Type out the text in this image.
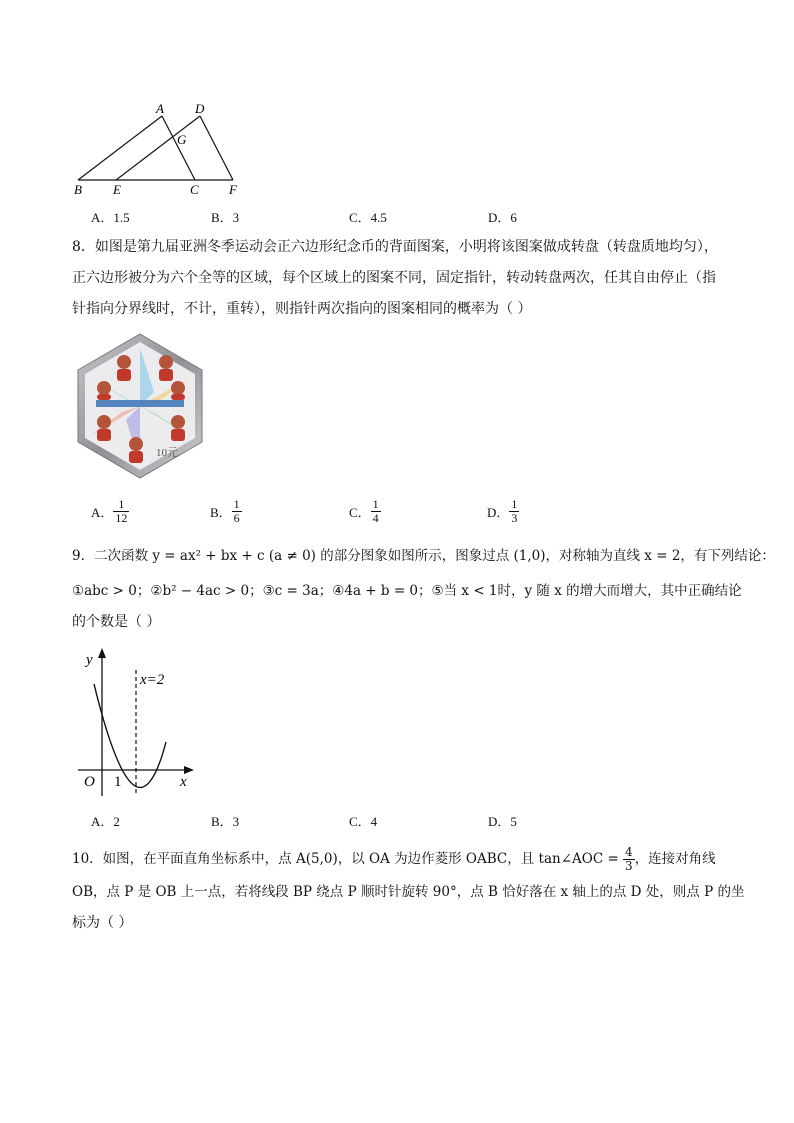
A D
G
B E	C F
A．1.5	B．3	C．4.5	D．6
8．如图是第九届亚洲冬季运动会正六边形纪念币的背面图案，小明将该图案做成转盘（转盘质地均匀），
正六边形被分为六个全等的区域，每个区域上的图案不同，固定指针，转动转盘两次，任其自由停止（指
针指向分界线时，不计，重转），则指针两次指向的图案相同的概率为（ ）
10元
A． $\frac{1}{12}$	B． $\frac{1}{6}$	C． $\frac{1}{4}$	D． $\frac{1}{3}$
9．二次函数 y = ax² + bx + c (a ≠ 0) 的部分图象如图所示，图象过点 (1,0)，对称轴为直线 x = 2，有下列结论：
①abc > 0；②b² − 4ac > 0；③c = 3a；④4a + b = 0；⑤当 x < 1时，y 随 x 的增大而增大，其中正确结论
的个数是（ ）
y
x
x=2
O 1
A．2	B．3	C．4	D．5
10．如图，在平面直角坐标系中，点 A(5,0)，以 OA 为边作菱形 OABC，且 tan∠AOC = $\frac{4}{3}$ ，连接对角线
OB，点 P 是 OB 上一点，若将线段 BP 绕点 P 顺时针旋转 90°，点 B 恰好落在 x 轴上的点 D 处，则点 P 的坐
标为（ ）
